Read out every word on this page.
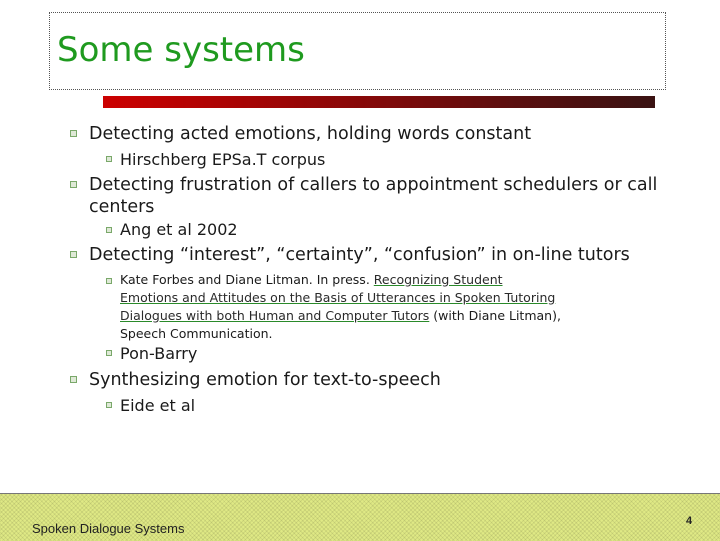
Some systems
Detecting acted emotions, holding words constant
Hirschberg EPSa.T corpus
Detecting frustration of callers to appointment schedulers or call
centers
Ang et al 2002
Detecting “interest”, “certainty”, “confusion” in on-line tutors
Kate Forbes and Diane Litman. In press. Recognizing Student
Emotions and Attitudes on the Basis of Utterances in Spoken Tutoring
Dialogues with both Human and Computer Tutors (with Diane Litman),
Speech Communication.
Pon-Barry
Synthesizing emotion for text-to-speech
Eide et al
Spoken Dialogue Systems	4
